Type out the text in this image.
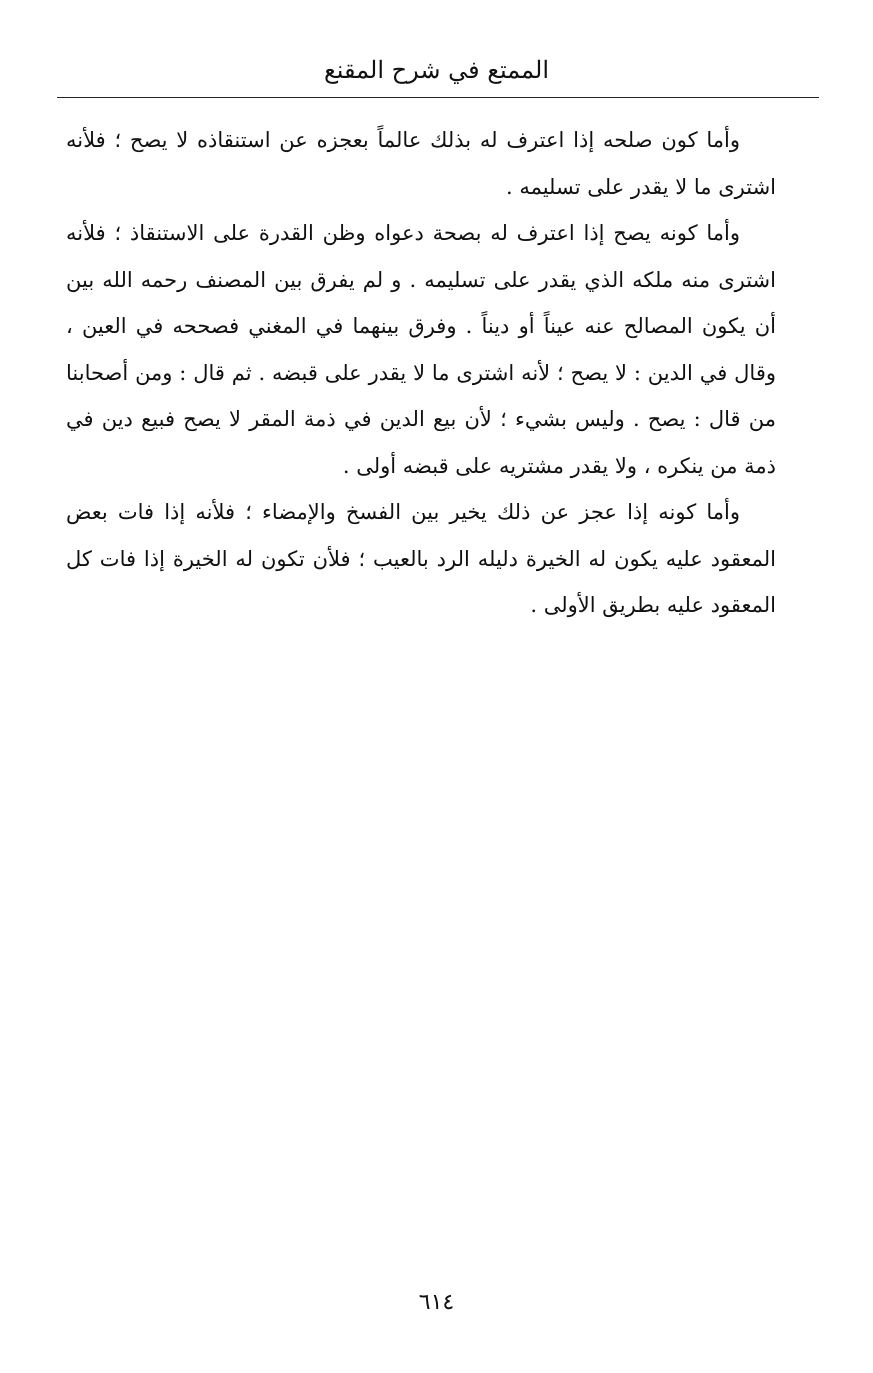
الممتع في شرح المقنع

وأما كون صلحه إذا اعترف له بذلك عالماً بعجزه عن استنقاذه لا يصح ؛ فلأنه اشترى ما لا يقدر على تسليمه .

وأما كونه يصح إذا اعترف له بصحة دعواه وظن القدرة على الاستنقاذ ؛ فلأنه اشترى منه ملكه الذي يقدر على تسليمه . و لم يفرق بين المصنف رحمه الله بين أن يكون المصالح عنه عيناً أو ديناً . وفرق بينهما في المغني فصححه في العين ، وقال في الدين : لا يصح ؛ لأنه اشترى ما لا يقدر على قبضه . ثم قال : ومن أصحابنا من قال : يصح . وليس بشيء ؛ لأن بيع الدين في ذمة المقر لا يصح فبيع دين في ذمة من ينكره ، ولا يقدر مشتريه على قبضه أولى .

وأما كونه إذا عجز عن ذلك يخير بين الفسخ والإمضاء ؛ فلأنه إذا فات بعض المعقود عليه يكون له الخيرة دليله الرد بالعيب ؛ فلأن تكون له الخيرة إذا فات كل المعقود عليه بطريق الأولى .

٦١٤
